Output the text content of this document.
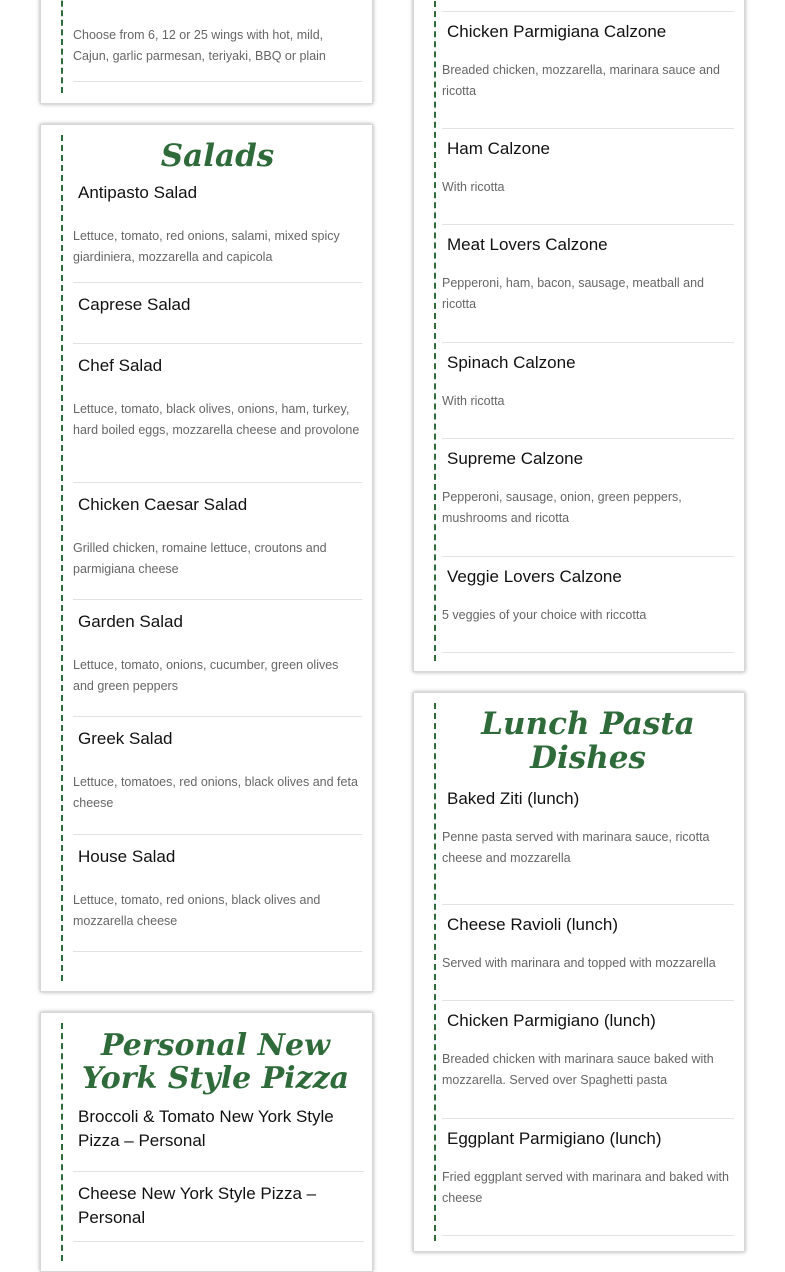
Choose from 6, 12 or 25 wings with hot, mild, Cajun, garlic parmesan, teriyaki, BBQ or plain

Salads
Antipasto Salad

Lettuce, tomato, red onions, salami, mixed spicy giardiniera, mozzarella and capicola

Caprese Salad
Chef Salad

Lettuce, tomato, black olives, onions, ham, turkey, hard boiled eggs, mozzarella cheese and provolone

Chicken Caesar Salad

Grilled chicken, romaine lettuce, croutons and parmigiana cheese

Garden Salad

Lettuce, tomato, onions, cucumber, green olives and green peppers

Greek Salad

Lettuce, tomatoes, red onions, black olives and feta cheese

House Salad

Lettuce, tomato, red onions, black olives and mozzarella cheese

Personal New York Style Pizza
Broccoli & Tomato New York Style Pizza – Personal
Cheese New York Style Pizza – Personal
Chicken Parmigiana Calzone

Breaded chicken, mozzarella, marinara sauce and ricotta

Ham Calzone

With ricotta

Meat Lovers Calzone

Pepperoni, ham, bacon, sausage, meatball and ricotta

Spinach Calzone

With ricotta

Supreme Calzone

Pepperoni, sausage, onion, green peppers, mushrooms and ricotta

Veggie Lovers Calzone

5 veggies of your choice with riccotta

Lunch Pasta Dishes
Baked Ziti (lunch)

Penne pasta served with marinara sauce, ricotta cheese and mozzarella

Cheese Ravioli (lunch)

Served with marinara and topped with mozzarella

Chicken Parmigiano (lunch)

Breaded chicken with marinara sauce baked with mozzarella. Served over Spaghetti pasta

Eggplant Parmigiano (lunch)

Fried eggplant served with marinara and baked with cheese
